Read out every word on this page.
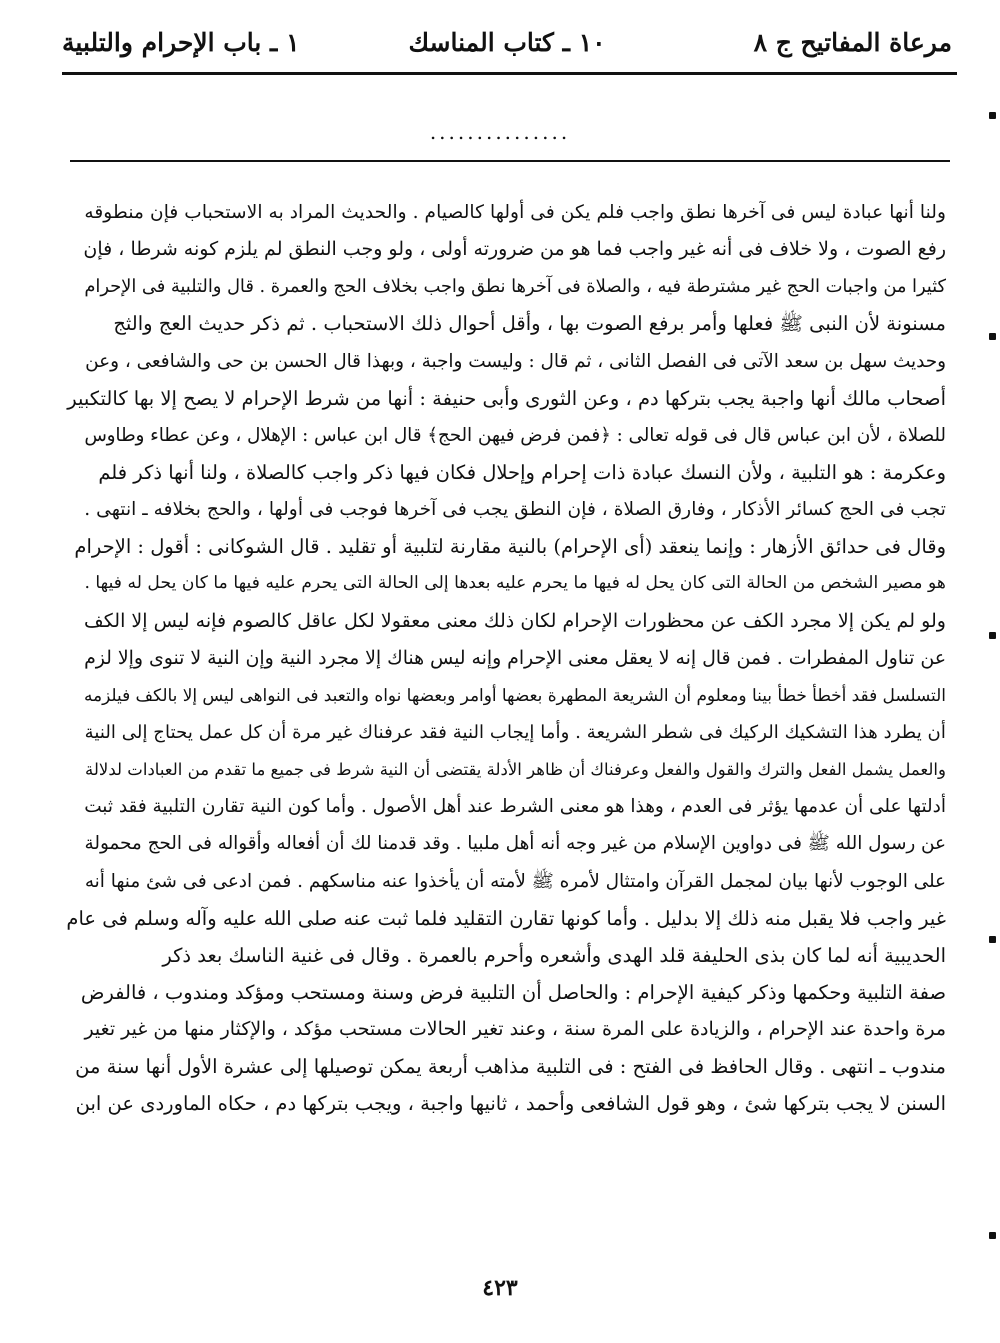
مرعاة المفاتيح ج ٨
١٠ ـ كتاب المناسك
١ ـ باب الإحرام والتلبية
...............
ولنا أنها عبادة ليس فى آخرها نطق واجب فلم يكن فى أولها كالصيام . والحديث المراد به الاستحباب فإن منطوقه
رفع الصوت ، ولا خلاف فى أنه غير واجب فما هو من ضرورته أولى ، ولو وجب النطق لم يلزم كونه شرطا ، فإن
كثيرا من واجبات الحج غير مشترطة فيه ، والصلاة فى آخرها نطق واجب بخلاف الحج والعمرة . قال والتلبية فى الإحرام
مسنونة لأن النبى ﷺ فعلها وأمر برفع الصوت بها ، وأقل أحوال ذلك الاستحباب . ثم ذكر حديث العج والثج
وحديث سهل بن سعد الآتى فى الفصل الثانى ، ثم قال : وليست واجبة ، وبهذا قال الحسن بن حى والشافعى ، وعن
أصحاب مالك أنها واجبة يجب بتركها دم ، وعن الثورى وأبى حنيفة : أنها من شرط الإحرام لا يصح إلا بها كالتكبير
للصلاة ، لأن ابن عباس قال فى قوله تعالى : ﴿فمن فرض فيهن الحج﴾ قال ابن عباس : الإهلال ، وعن عطاء وطاوس
وعكرمة : هو التلبية ، ولأن النسك عبادة ذات إحرام وإحلال فكان فيها ذكر واجب كالصلاة ، ولنا أنها ذكر فلم
تجب فى الحج كسائر الأذكار ، وفارق الصلاة ، فإن النطق يجب فى آخرها فوجب فى أولها ، والحج بخلافه ـ انتهى .
وقال فى حدائق الأزهار : وإنما ينعقد (أى الإحرام) بالنية مقارنة لتلبية أو تقليد . قال الشوكانى : أقول : الإحرام
هو مصير الشخص من الحالة التى كان يحل له فيها ما يحرم عليه بعدها إلى الحالة التى يحرم عليه فيها ما كان يحل له فيها .
ولو لم يكن إلا مجرد الكف عن محظورات الإحرام لكان ذلك معنى معقولا لكل عاقل كالصوم فإنه ليس إلا الكف
عن تناول المفطرات . فمن قال إنه لا يعقل معنى الإحرام وإنه ليس هناك إلا مجرد النية وإن النية لا تنوى وإلا لزم
التسلسل فقد أخطأ خطأ بينا ومعلوم أن الشريعة المطهرة بعضها أوامر وبعضها نواه والتعبد فى النواهى ليس إلا بالكف فيلزمه
أن يطرد هذا التشكيك الركيك فى شطر الشريعة . وأما إيجاب النية فقد عرفناك غير مرة أن كل عمل يحتاج إلى النية
والعمل يشمل الفعل والترك والقول والفعل وعرفناك أن ظاهر الأدلة يقتضى أن النية شرط فى جميع ما تقدم من العبادات لدلالة
أدلتها على أن عدمها يؤثر فى العدم ، وهذا هو معنى الشرط عند أهل الأصول . وأما كون النية تقارن التلبية فقد ثبت
عن رسول الله ﷺ فى دواوين الإسلام من غير وجه أنه أهل ملبيا . وقد قدمنا لك أن أفعاله وأقواله فى الحج محمولة
على الوجوب لأنها بيان لمجمل القرآن وامتثال لأمره ﷺ لأمته أن يأخذوا عنه مناسكهم . فمن ادعى فى شئ منها أنه
غير واجب فلا يقبل منه ذلك إلا بدليل . وأما كونها تقارن التقليد فلما ثبت عنه صلى الله عليه وآله وسلم فى عام
الحديبية أنه لما كان بذى الحليفة قلد الهدى وأشعره وأحرم بالعمرة . وقال فى غنية الناسك بعد ذكر
صفة التلبية وحكمها وذكر كيفية الإحرام : والحاصل أن التلبية فرض وسنة ومستحب ومؤكد ومندوب ، فالفرض
مرة واحدة عند الإحرام ، والزيادة على المرة سنة ، وعند تغير الحالات مستحب مؤكد ، والإكثار منها من غير تغير
مندوب ـ انتهى . وقال الحافظ فى الفتح : فى التلبية مذاهب أربعة يمكن توصيلها إلى عشرة الأول أنها سنة من
السنن لا يجب بتركها شئ ، وهو قول الشافعى وأحمد ، ثانيها واجبة ، ويجب بتركها دم ، حكاه الماوردى عن ابن
٤٢٣
